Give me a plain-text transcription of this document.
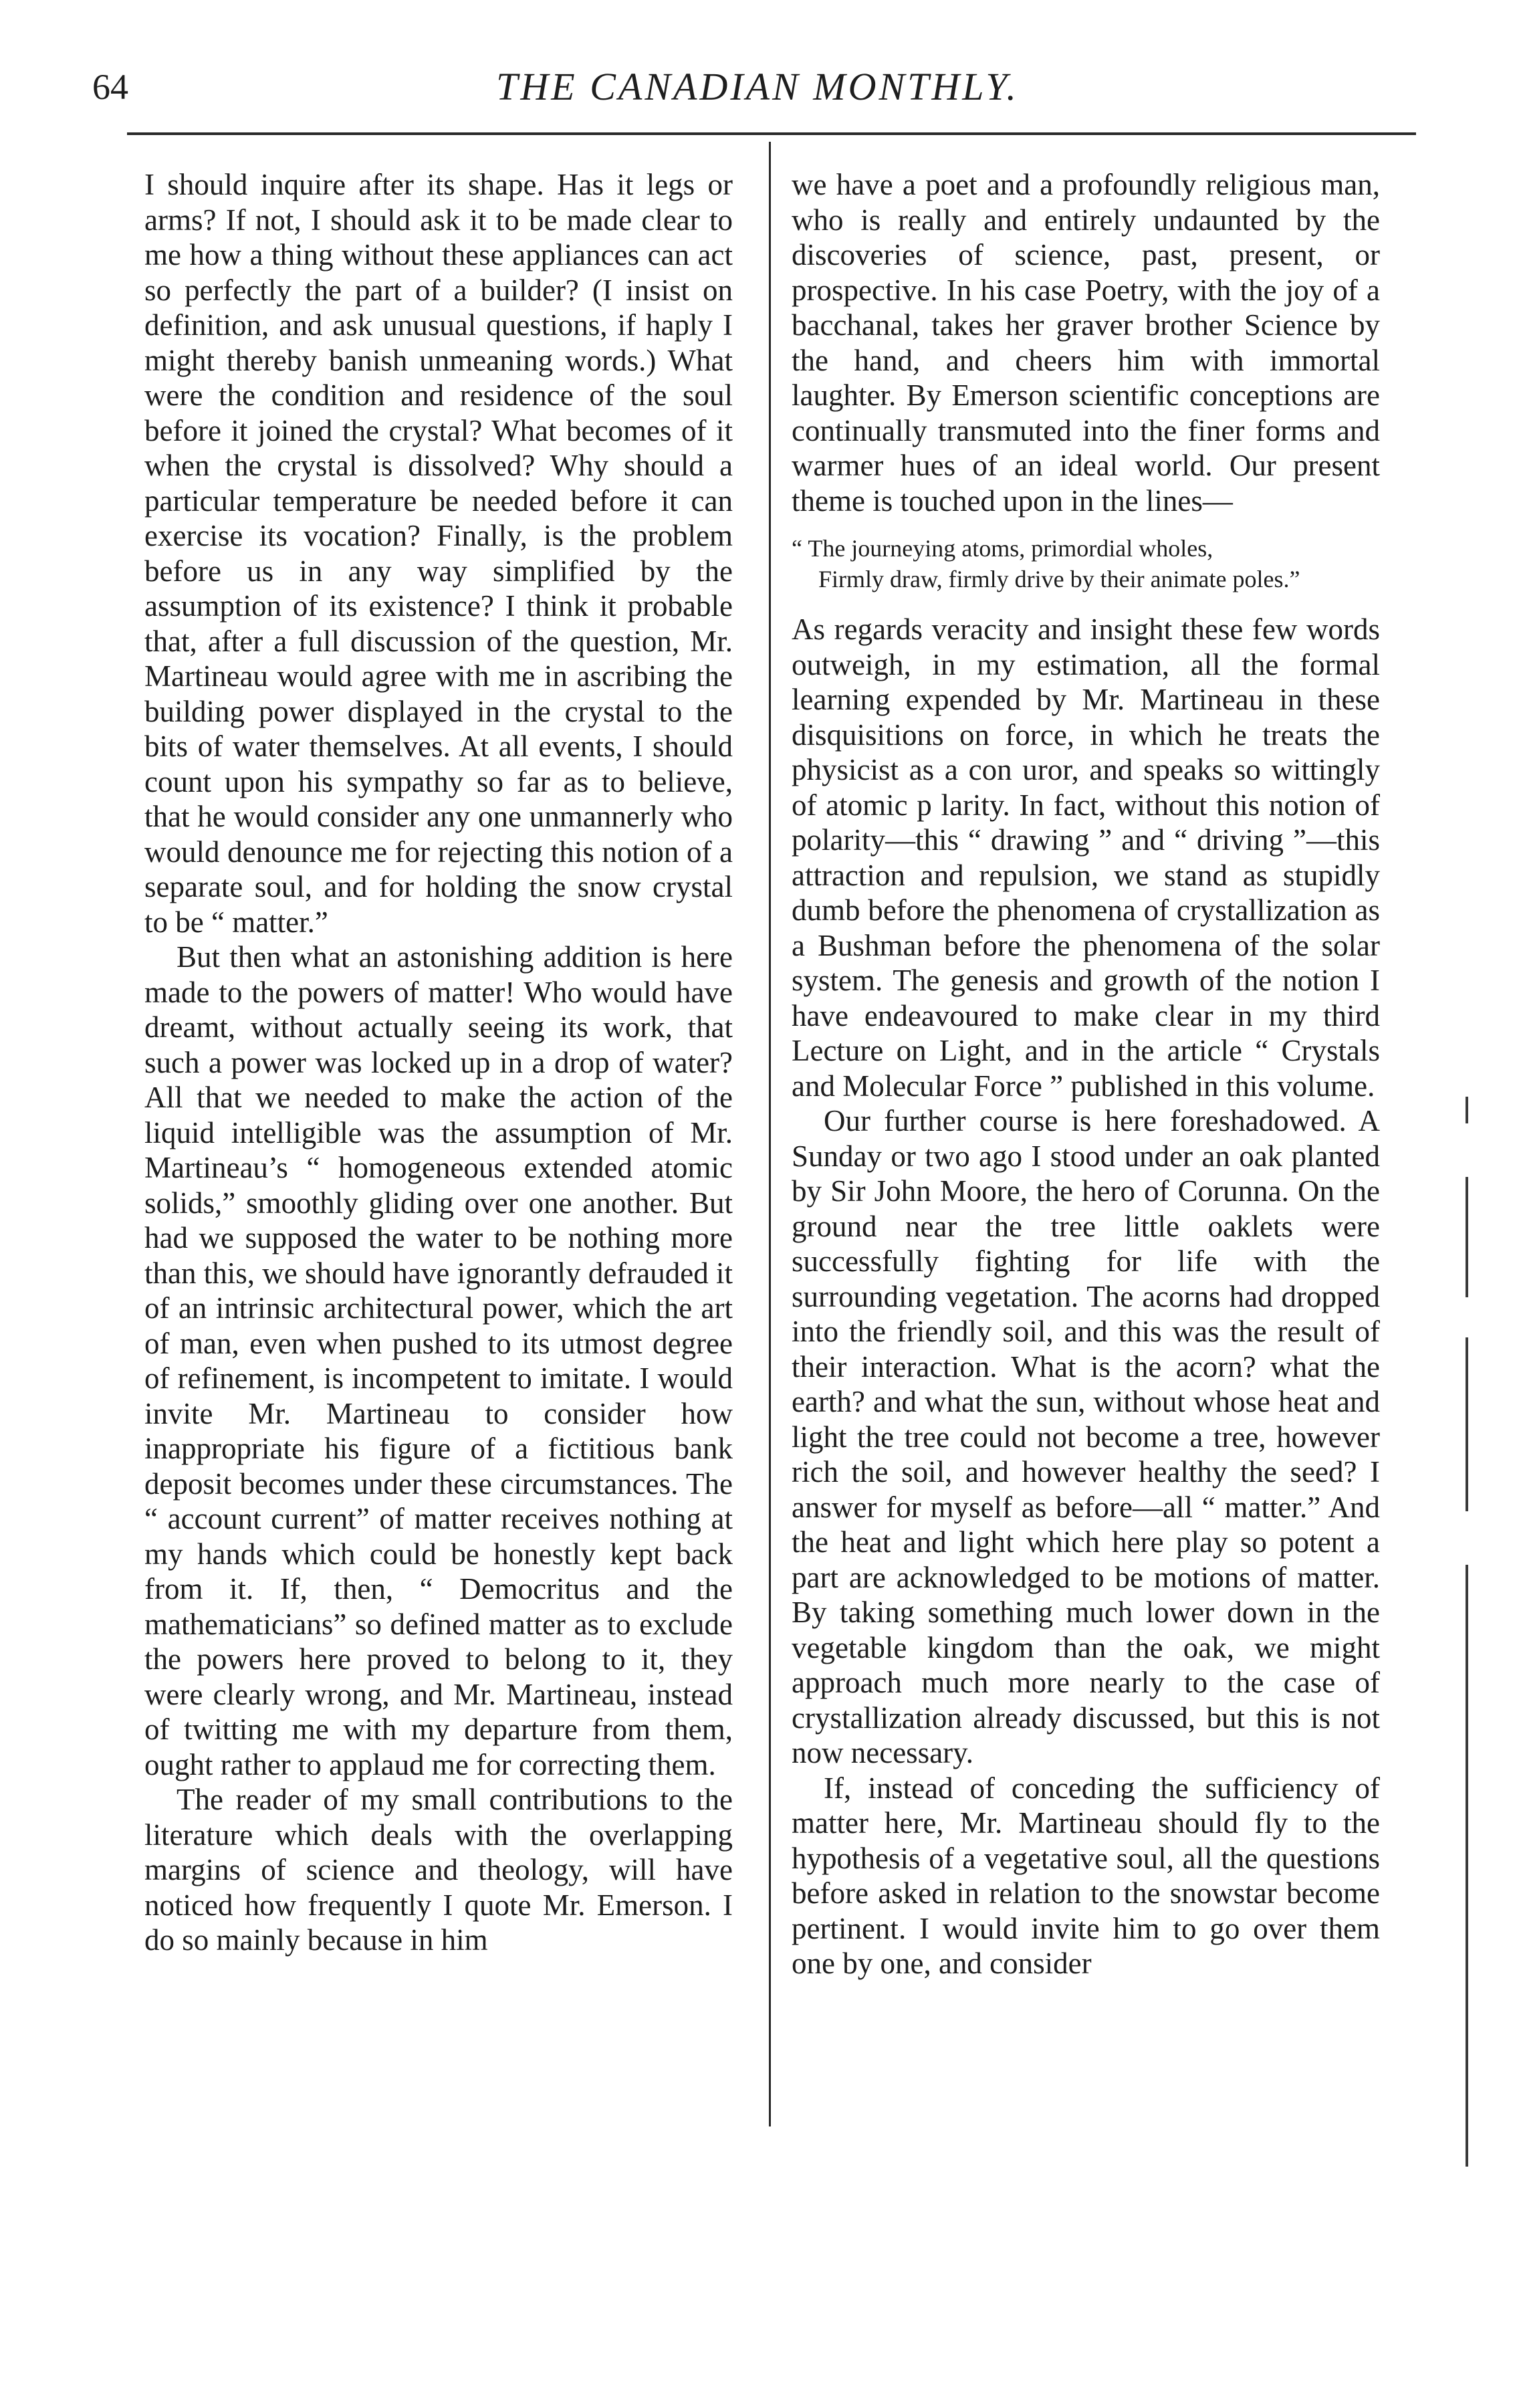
64	THE CANADIAN MONTHLY.

I should inquire after its shape. Has it legs or arms? If not, I should ask it to be made clear to me how a thing without these appliances can act so perfectly the part of a builder? (I insist on definition, and ask unusual questions, if haply I might thereby banish unmeaning words.) What were the condition and residence of the soul before it joined the crystal? What becomes of it when the crystal is dissolved? Why should a particular temperature be needed before it can exercise its vocation? Finally, is the problem before us in any way simplified by the assumption of its existence? I think it probable that, after a full discussion of the question, Mr. Martineau would agree with me in ascribing the building power displayed in the crystal to the bits of water themselves. At all events, I should count upon his sympathy so far as to believe, that he would consider any one unmannerly who would denounce me for rejecting this notion of a separate soul, and for holding the snow crystal to be “ matter.”

But then what an astonishing addition is here made to the powers of matter! Who would have dreamt, without actually seeing its work, that such a power was locked up in a drop of water? All that we needed to make the action of the liquid intelligible was the assumption of Mr. Martineau’s “ homogeneous extended atomic solids,” smoothly gliding over one another. But had we supposed the water to be nothing more than this, we should have ignorantly defrauded it of an intrinsic architectural power, which the art of man, even when pushed to its utmost degree of refinement, is incompetent to imitate. I would invite Mr. Martineau to consider how inappropriate his figure of a fictitious bank deposit becomes under these circumstances. The “ account current” of matter receives nothing at my hands which could be honestly kept back from it. If, then, “ Democritus and the mathematicians” so defined matter as to exclude the powers here proved to belong to it, they were clearly wrong, and Mr. Martineau, instead of twitting me with my departure from them, ought rather to applaud me for correcting them.

The reader of my small contributions to the literature which deals with the overlapping margins of science and theology, will have noticed how frequently I quote Mr. Emerson. I do so mainly because in him

we have a poet and a profoundly religious man, who is really and entirely undaunted by the discoveries of science, past, present, or prospective. In his case Poetry, with the joy of a bacchanal, takes her graver brother Science by the hand, and cheers him with immortal laughter. By Emerson scientific conceptions are continually transmuted into the finer forms and warmer hues of an ideal world. Our present theme is touched upon in the lines—

“ The journeying atoms, primordial wholes,
Firmly draw, firmly drive by their animate poles.”

As regards veracity and insight these few words outweigh, in my estimation, all the formal learning expended by Mr. Martineau in these disquisitions on force, in which he treats the physicist as a con uror, and speaks so wittingly of atomic p larity. In fact, without this notion of polarity—this “ drawing ” and “ driving ”—this attraction and repulsion, we stand as stupidly dumb before the phenomena of crystallization as a Bushman before the phenomena of the solar system. The genesis and growth of the notion I have endeavoured to make clear in my third Lecture on Light, and in the article “ Crystals and Molecular Force ” published in this volume.

Our further course is here foreshadowed. A Sunday or two ago I stood under an oak planted by Sir John Moore, the hero of Corunna. On the ground near the tree little oaklets were successfully fighting for life with the surrounding vegetation. The acorns had dropped into the friendly soil, and this was the result of their interaction. What is the acorn? what the earth? and what the sun, without whose heat and light the tree could not become a tree, however rich the soil, and however healthy the seed? I answer for myself as before—all “ matter.” And the heat and light which here play so potent a part are acknowledged to be motions of matter. By taking something much lower down in the vegetable kingdom than the oak, we might approach much more nearly to the case of crystallization already discussed, but this is not now necessary.

If, instead of conceding the sufficiency of matter here, Mr. Martineau should fly to the hypothesis of a vegetative soul, all the questions before asked in relation to the snowstar become pertinent. I would invite him to go over them one by one, and consider
